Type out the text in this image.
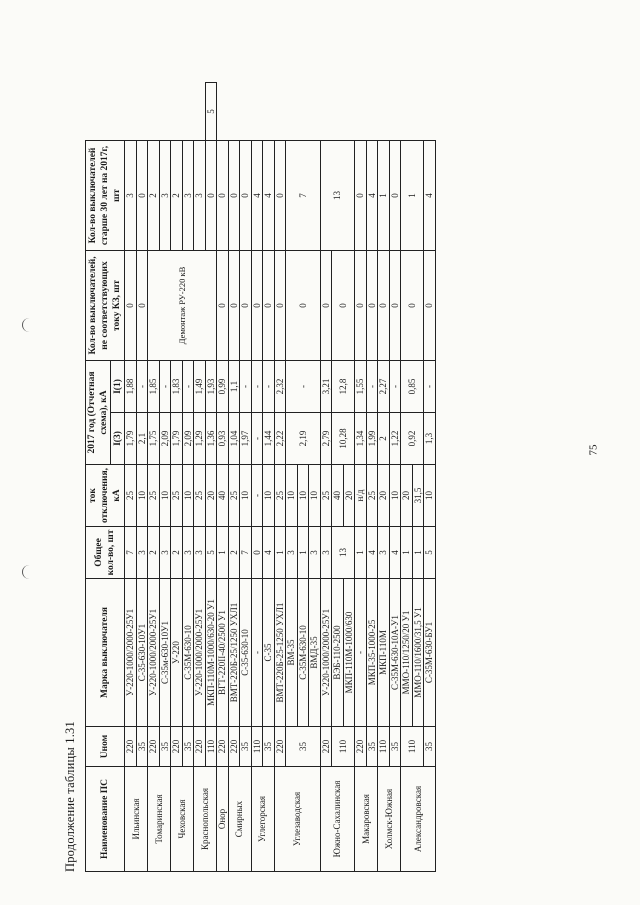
Продолжение таблицы 1.31 Наименование ПС	Uном	Марка выключателя	Общее кол-во, шт	ток отключения, кА	2017 год (Отчетная схема), кА		Кол-во выключателей, не соответствующих току КЗ, шт	Кол-во выключателей старше 30 лет на 2017г, шт	
					I(3)	I(1)			
Ильинская	220	У-220-1000/2000-25У1	7	25	1,79	1,88	0	3	
	35	С-35-630-10У1	3	10	2,1	-	0	0	
Томаринская	220	У-220-1000/2000-25У1	2	25	1,75	1,85	Демонтаж РУ-220 кВ	2	
	35	С-35м-630-10У1	3	10	2,09	-		3	
Чеховская	220	У-220	2	25	1,79	1,83		2	
	35	С-35М-630-10	3	10	2,09	-		3	
Краснопольская	220	У-220-1000/2000-25У1	3	25	1,29	1,49		3	
	110	МКП-110М-1000/630-20 У1	5	20	1,36	1,93		0	5
Онор	220	ВГТ-220II-40/2500 У1	1	40	0,93	0,99	0	0	
Смирных	220	ВМТ-220Б-25/1250 УХЛ1	2	25	1,04	1,1	0	0	
	35	С-35-630-10	7	10	1,97	-	0	0	
Углегорская	110	-	0	-	-	-	0	4	
	35	С-35	4	10	1,44	-	0	4	
Углезаводская	220	ВМТ-220Б-25-1250 УХЛ1	1	25	2,22	2,32	0	0	
	35	ВМ-35	3	10	2,19	-	0	7	
		С-35М-630-10	1	10					
		ВМД-35	3	10					
Южно-Сахалинская	220	У-220-1000/2000-25У1	3	25	2,79	3,21	0	13	
	110	ВЭБ-110-2500	13	40	10,28	12,8	0		
		МКП-110М-1000/630		20					
Макаровская	220	-	1	н/д	1,34	1,55	0	0	
	35	МКП-35-1000-25	4	25	1,99	-	0	4	
Холмск-Южная	110	МКП-110М	3	20	2	2,27	0	1	
	35	С-35М-630-10А-У1	4	10	1,22	-	0	0	
Александровская	110	ММО-110/1250/20 У1	1	20	0,92	0,85	0	1	
		ММО-110/1600/31,5 У1	1	31,5					
	35	С-35М-630-БУ1	5	10	1,3	-	0	4	
75
